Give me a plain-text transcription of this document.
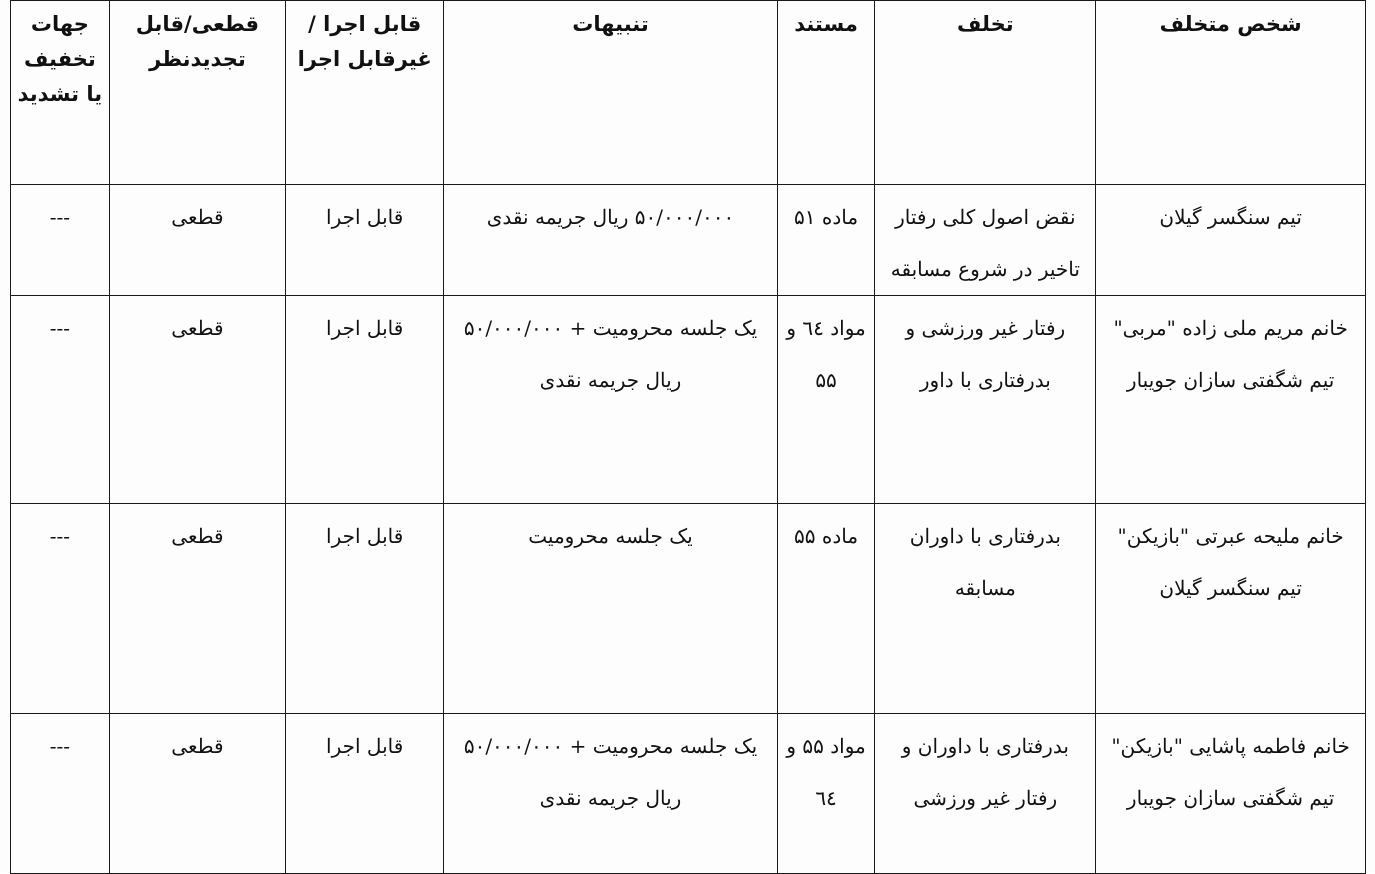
شخص متخلف	تخلف	مستند	تنبیهات	قابل اجرا /غیرقابل اجرا	قطعی/قابل تجدیدنظر	جهات تخفیف یا تشدید
تیم سنگسر گیلان	نقض اصول کلی رفتار تاخیر در شروع مسابقه	ماده ۵۱	۵۰/۰۰۰/۰۰۰ ریال جریمه نقدی	قابل اجرا	قطعی	---
خانم مریم ملی زاده "مربی" تیم شگفتی سازان جویبار	رفتار غیر ورزشی و بدرفتاری با داور	مواد ٦٤ و ۵۵	یک جلسه محرومیت + ۵۰/۰۰۰/۰۰۰ ریال جریمه نقدی	قابل اجرا	قطعی	---
خانم ملیحه عبرتی "بازیکن" تیم سنگسر گیلان	بدرفتاری با داوران مسابقه	ماده ۵۵	یک جلسه محرومیت	قابل اجرا	قطعی	---
خانم فاطمه پاشایی "بازیکن" تیم شگفتی سازان جویبار	بدرفتاری با داوران و رفتار غیر ورزشی	مواد ۵۵ و ٦٤	یک جلسه محرومیت + ۵۰/۰۰۰/۰۰۰ ریال جریمه نقدی	قابل اجرا	قطعی	---
